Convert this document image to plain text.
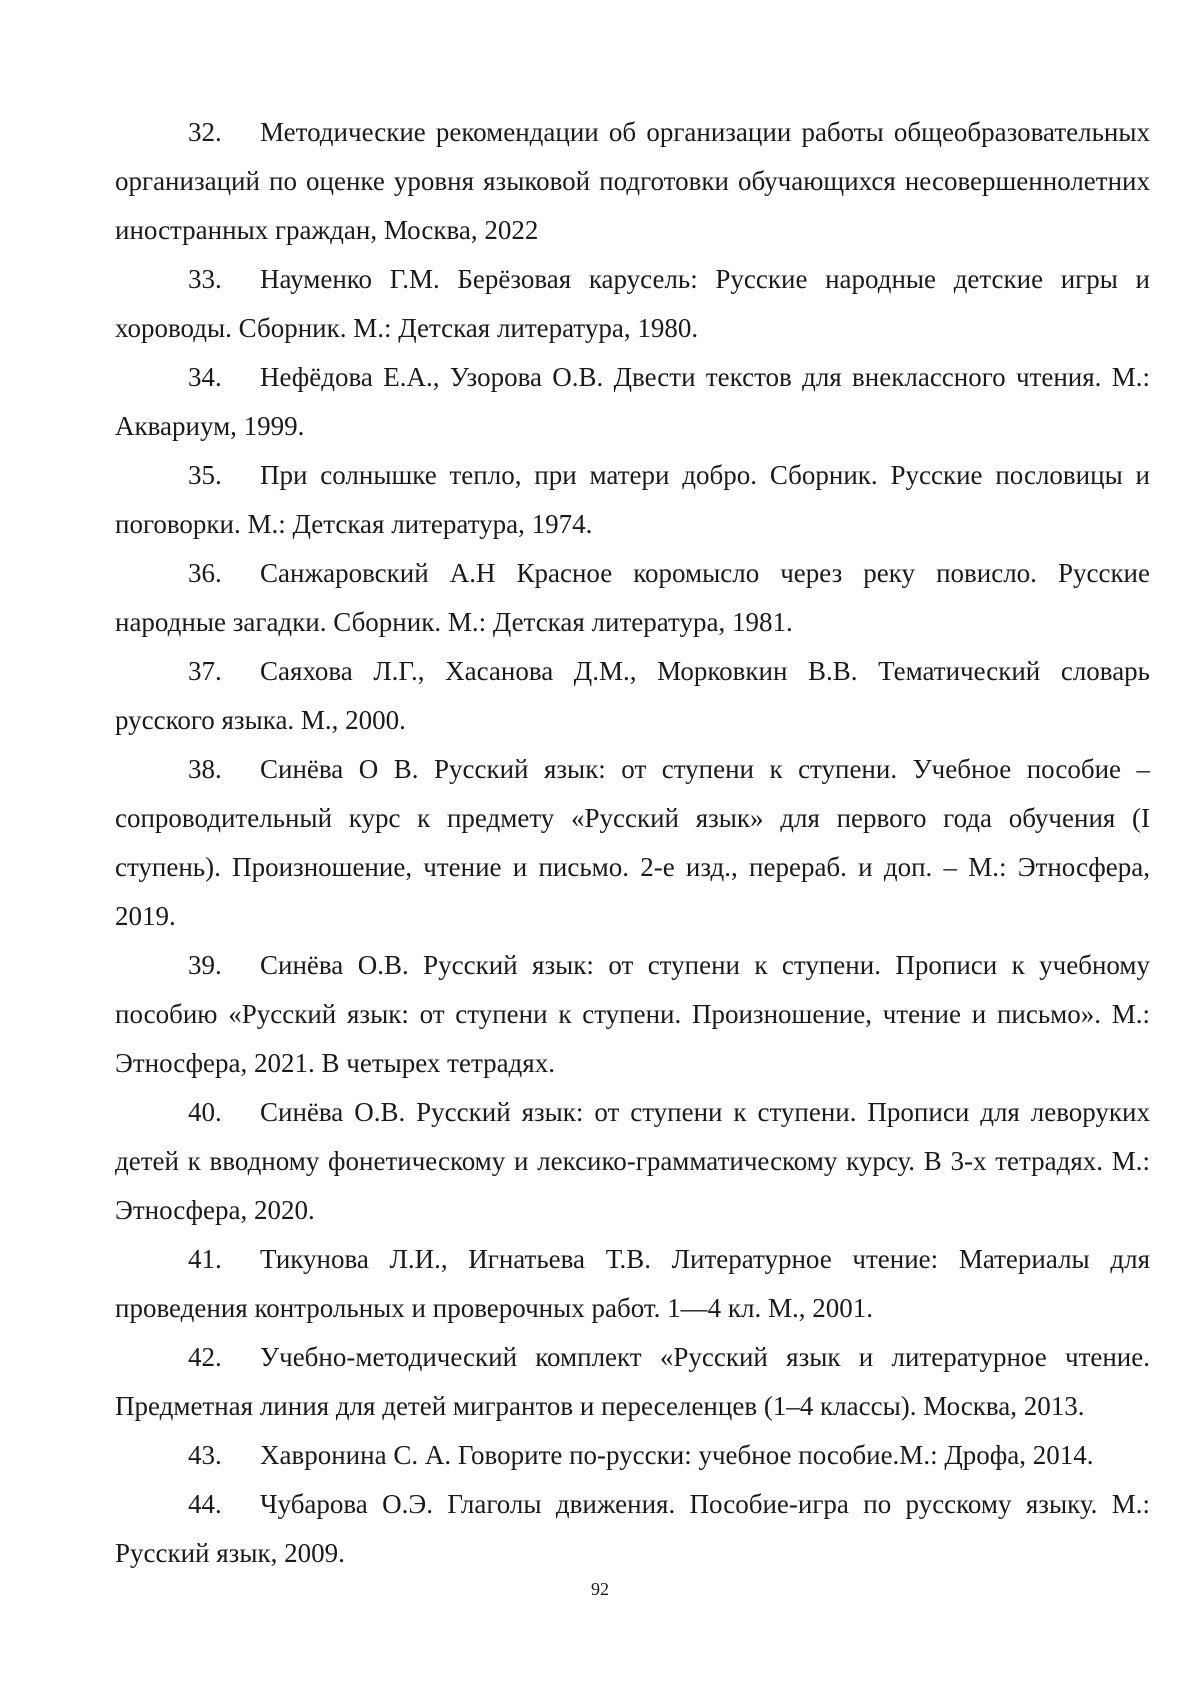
32. Методические рекомендации об организации работы общеобразовательных организаций по оценке уровня языковой подготовки обучающихся несовершеннолетних иностранных граждан, Москва, 2022

33. Науменко Г.М. Берёзовая карусель: Русские народные детские игры и хороводы. Сборник. М.: Детская литература, 1980.

34. Нефёдова Е.А., Узорова О.В. Двести текстов для внеклассного чтения. М.: Аквариум, 1999.

35. При солнышке тепло, при матери добро. Сборник. Русские пословицы и поговорки. М.: Детская литература, 1974.

36. Санжаровский А.Н Красное коромысло через реку повисло. Русские народные загадки. Сборник. М.: Детская литература, 1981.

37. Саяхова Л.Г., Хасанова Д.М., Морковкин В.В. Тематический словарь русского языка. М., 2000.

38. Синёва О В. Русский язык: от ступени к ступени. Учебное пособие – сопроводительный курс к предмету «Русский язык» для первого года обучения (I ступень). Произношение, чтение и письмо. 2-е изд., перераб. и доп. – М.: Этносфера, 2019.

39. Синёва О.В. Русский язык: от ступени к ступени. Прописи к учебному пособию «Русский язык: от ступени к ступени. Произношение, чтение и письмо». М.: Этносфера, 2021. В четырех тетрадях.

40. Синёва О.В. Русский язык: от ступени к ступени. Прописи для леворуких детей к вводному фонетическому и лексико-грамматическому курсу. В 3-х тетрадях. М.: Этносфера, 2020.

41. Тикунова Л.И., Игнатьева Т.В. Литературное чтение: Материалы для проведения контрольных и проверочных работ. 1—4 кл. М., 2001.

42. Учебно-методический комплект «Русский язык и литературное чтение. Предметная линия для детей мигрантов и переселенцев (1–4 классы). Москва, 2013.

43. Хавронина С. А. Говорите по-русски: учебное пособие.М.: Дрофа, 2014.

44. Чубарова О.Э. Глаголы движения. Пособие-игра по русскому языку. М.: Русский язык, 2009.

92
